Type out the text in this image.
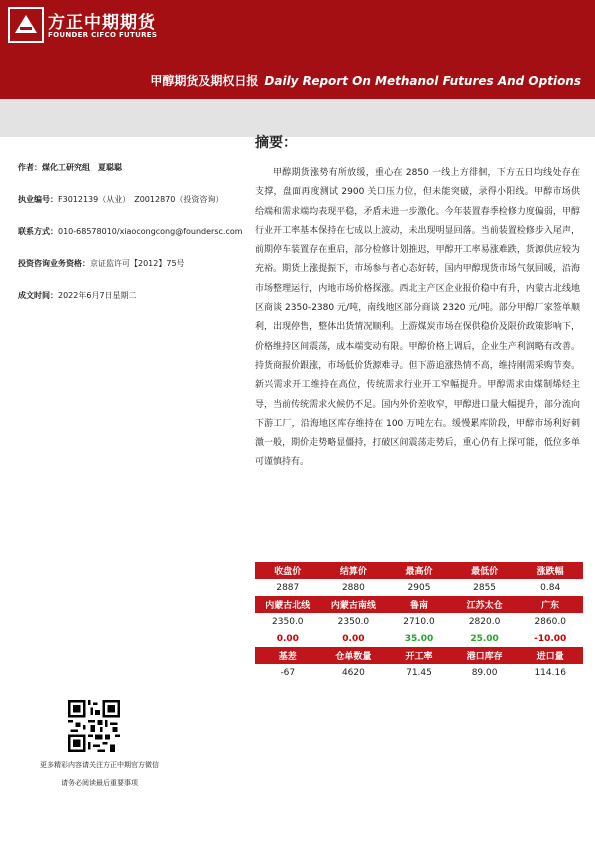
方正中期期货
FOUNDER CIFCO FUTURES
甲醇期货及期权日报 Daily Report On Methanol Futures And Options
摘要：
作者：煤化工研究组　夏聪聪
执业编号：F3012139（从业）　Z0012870（投资咨询）
联系方式：010-68578010/xiaocongcong@foundersc.com
投资咨询业务资格：京证监许可【2012】75号
成文时间：2022年6月7日星期二
甲醇期货涨势有所放缓，重心在 2850 一线上方徘徊，下方五日均线处存在支撑，盘面再度测试 2900 关口压力位，但未能突破，录得小阳线。甲醇市场供给端和需求端均表现平稳，矛盾未进一步激化。今年装置春季检修力度偏弱，甲醇行业开工率基本保持在七成以上波动，未出现明显回落。当前装置检修步入尾声，前期停车装置存在重启，部分检修计划推迟，甲醇开工率易涨难跌，货源供应较为充裕。期货上涨提振下，市场参与者心态好转，国内甲醇现货市场气氛回暖，沿海市场整理运行，内地市场价格探涨。西北主产区企业报价稳中有升，内蒙古北线地区商谈 2350-2380 元/吨，南线地区部分商谈 2320 元/吨。部分甲醇厂家签单顺利，出现停售，整体出货情况顺利。上游煤炭市场在保供稳价及限价政策影响下，价格维持区间震荡，成本端变动有限。甲醇价格上调后，企业生产利润略有改善。持货商报价跟涨，市场低价货源难寻。但下游追涨热情不高，维持刚需采购节奏。新兴需求开工维持在高位，传统需求行业开工窄幅提升。甲醇需求由煤制烯烃主导，当前传统需求火候仍不足。国内外价差收窄，甲醇进口量大幅提升，部分流向下游工厂，沿海地区库存维持在 100 万吨左右。缓慢累库阶段，甲醇市场利好刺激一般，期价走势略显僵持，打破区间震荡走势后，重心仍有上探可能，低位多单可谨慎持有。
收盘价	结算价	最高价	最低价	涨跌幅
2887	2880	2905	2855	0.84
内蒙古北线	内蒙古南线	鲁南	江苏太仓	广东
2350.0	2350.0	2710.0	2820.0	2860.0
0.00	0.00	35.00	25.00	-10.00
基差	仓单数量	开工率	港口库存	进口量
-67	4620	71.45	89.00	114.16
更多精彩内容请关注方正中期官方微信
请务必阅读最后重要事项
